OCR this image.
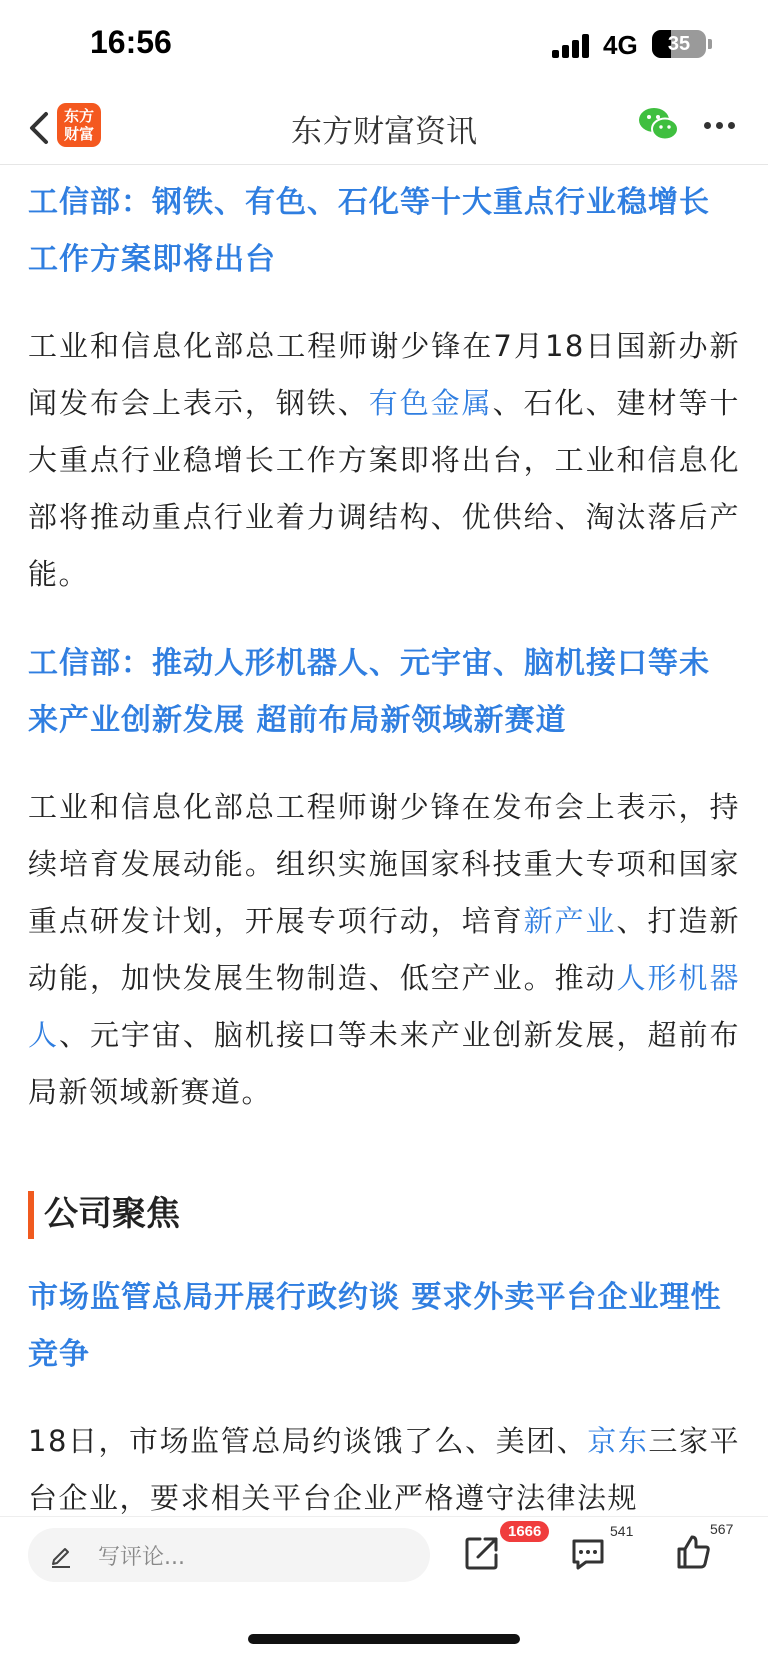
16:56	4G	35
东方
财富	东方财富资讯
工信部：钢铁、有色、石化等十大重点行业稳增长工作方案即将出台
工业和信息化部总工程师谢少锋在7月18日国新办新闻发布会上表示，钢铁、有色金属、石化、建材等十大重点行业稳增长工作方案即将出台，工业和信息化部将推动重点行业着力调结构、优供给、淘汰落后产能。
工信部：推动人形机器人、元宇宙、脑机接口等未来产业创新发展 超前布局新领域新赛道
工业和信息化部总工程师谢少锋在发布会上表示，持续培育发展动能。组织实施国家科技重大专项和国家重点研发计划，开展专项行动，培育新产业、打造新动能，加快发展生物制造、低空产业。推动人形机器人、元宇宙、脑机接口等未来产业创新发展，超前布局新领域新赛道。
公司聚焦
市场监管总局开展行政约谈 要求外卖平台企业理性竞争
18日，市场监管总局约谈饿了么、美团、京东三家平台企业，要求相关平台企业严格遵守法律法规
写评论...
1666	541	567
